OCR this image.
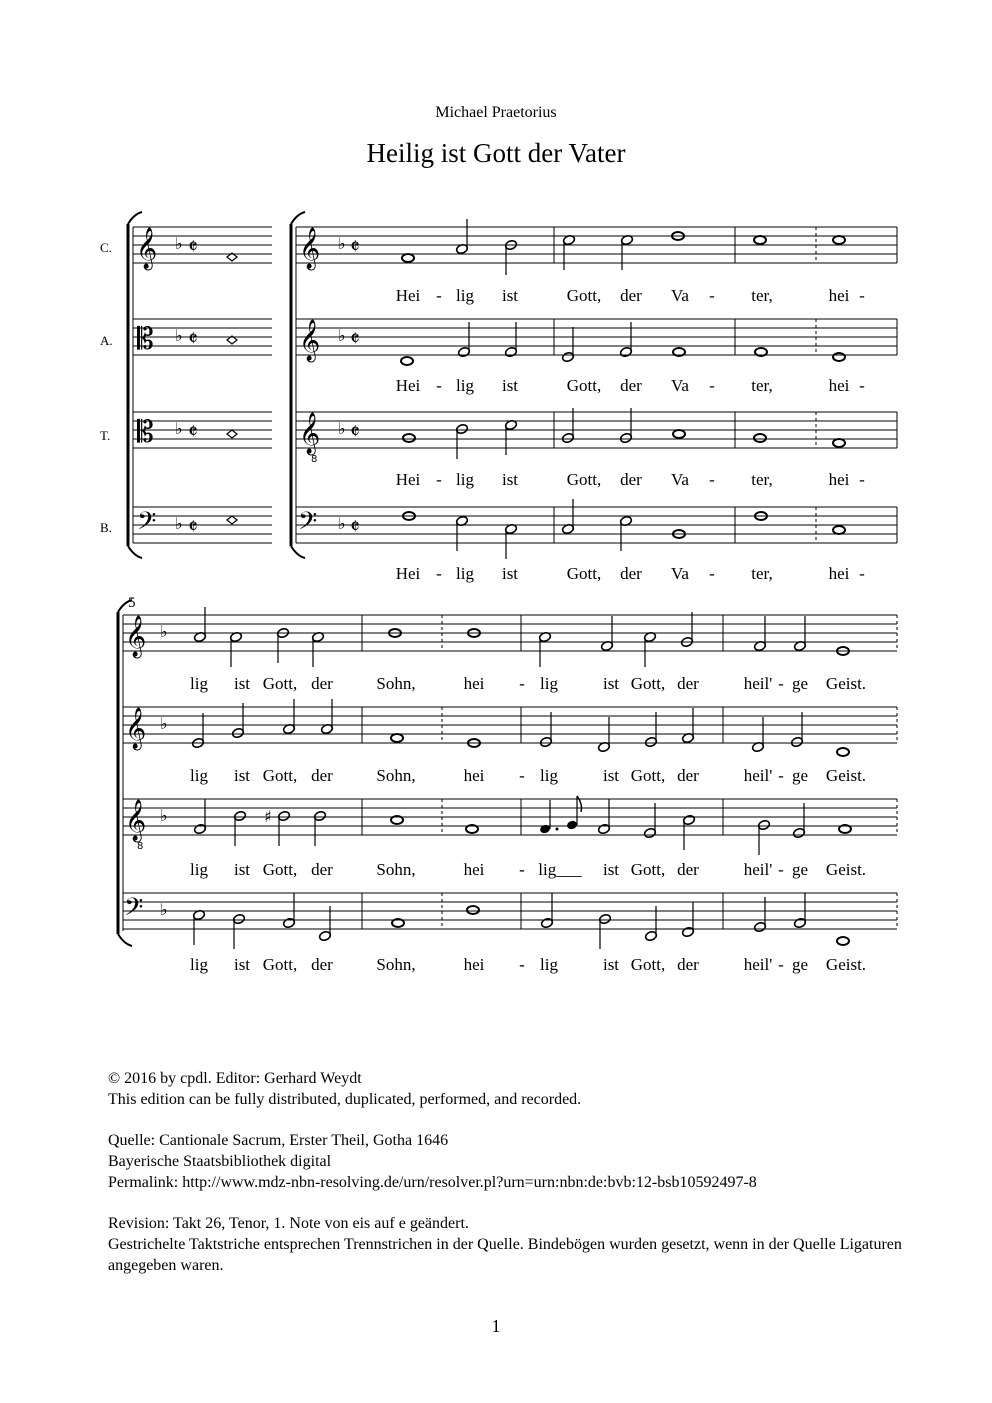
Michael Praetorius
Heilig ist Gott der Vater
𝄞 ♭ 𝄵
𝄡 ♭ 𝄵
𝄡 ♭ 𝄵
𝄢 ♭ 𝄵
𝄞 ♭ 𝄵
𝄞 ♭ 𝄵
𝄞
8
♭ 𝄵
𝄢 ♭ 𝄵
𝄞 ♭
𝄞 ♭
𝄞
8
♭
𝄢 ♭
♯
C.
A.
T.
B.
5
Hei - lig ist	Gott, der Va - ter,	hei -
Hei - lig ist	Gott, der Va - ter,	hei -
Hei - lig ist	Gott, der Va - ter,	hei -
Hei - lig ist	Gott, der Va - ter,	hei -
lig ist Gott, der	Sohn,	hei - lig	ist Gott, der	heil' - ge Geist.
lig ist Gott, der	Sohn,	hei - lig	ist Gott, der	heil' - ge Geist.
lig ist Gott, der	Sohn,	hei - lig___ ist Gott, der	heil' - ge Geist.
lig ist Gott, der	Sohn,	hei - lig	ist Gott, der	heil' - ge Geist.

© 2016 by cpdl. Editor: Gerhard Weydt
This edition can be fully distributed, duplicated, performed, and recorded.

Quelle: Cantionale Sacrum, Erster Theil, Gotha 1646
Bayerische Staatsbibliothek digital
Permalink: http://www.mdz-nbn-resolving.de/urn/resolver.pl?urn=urn:nbn:de:bvb:12-bsb10592497-8

Revision: Takt 26, Tenor, 1. Note von eis auf e geändert.
Gestrichelte Taktstriche entsprechen Trennstrichen in der Quelle. Bindebögen wurden gesetzt, wenn in der Quelle Ligaturen angegeben waren.

1
